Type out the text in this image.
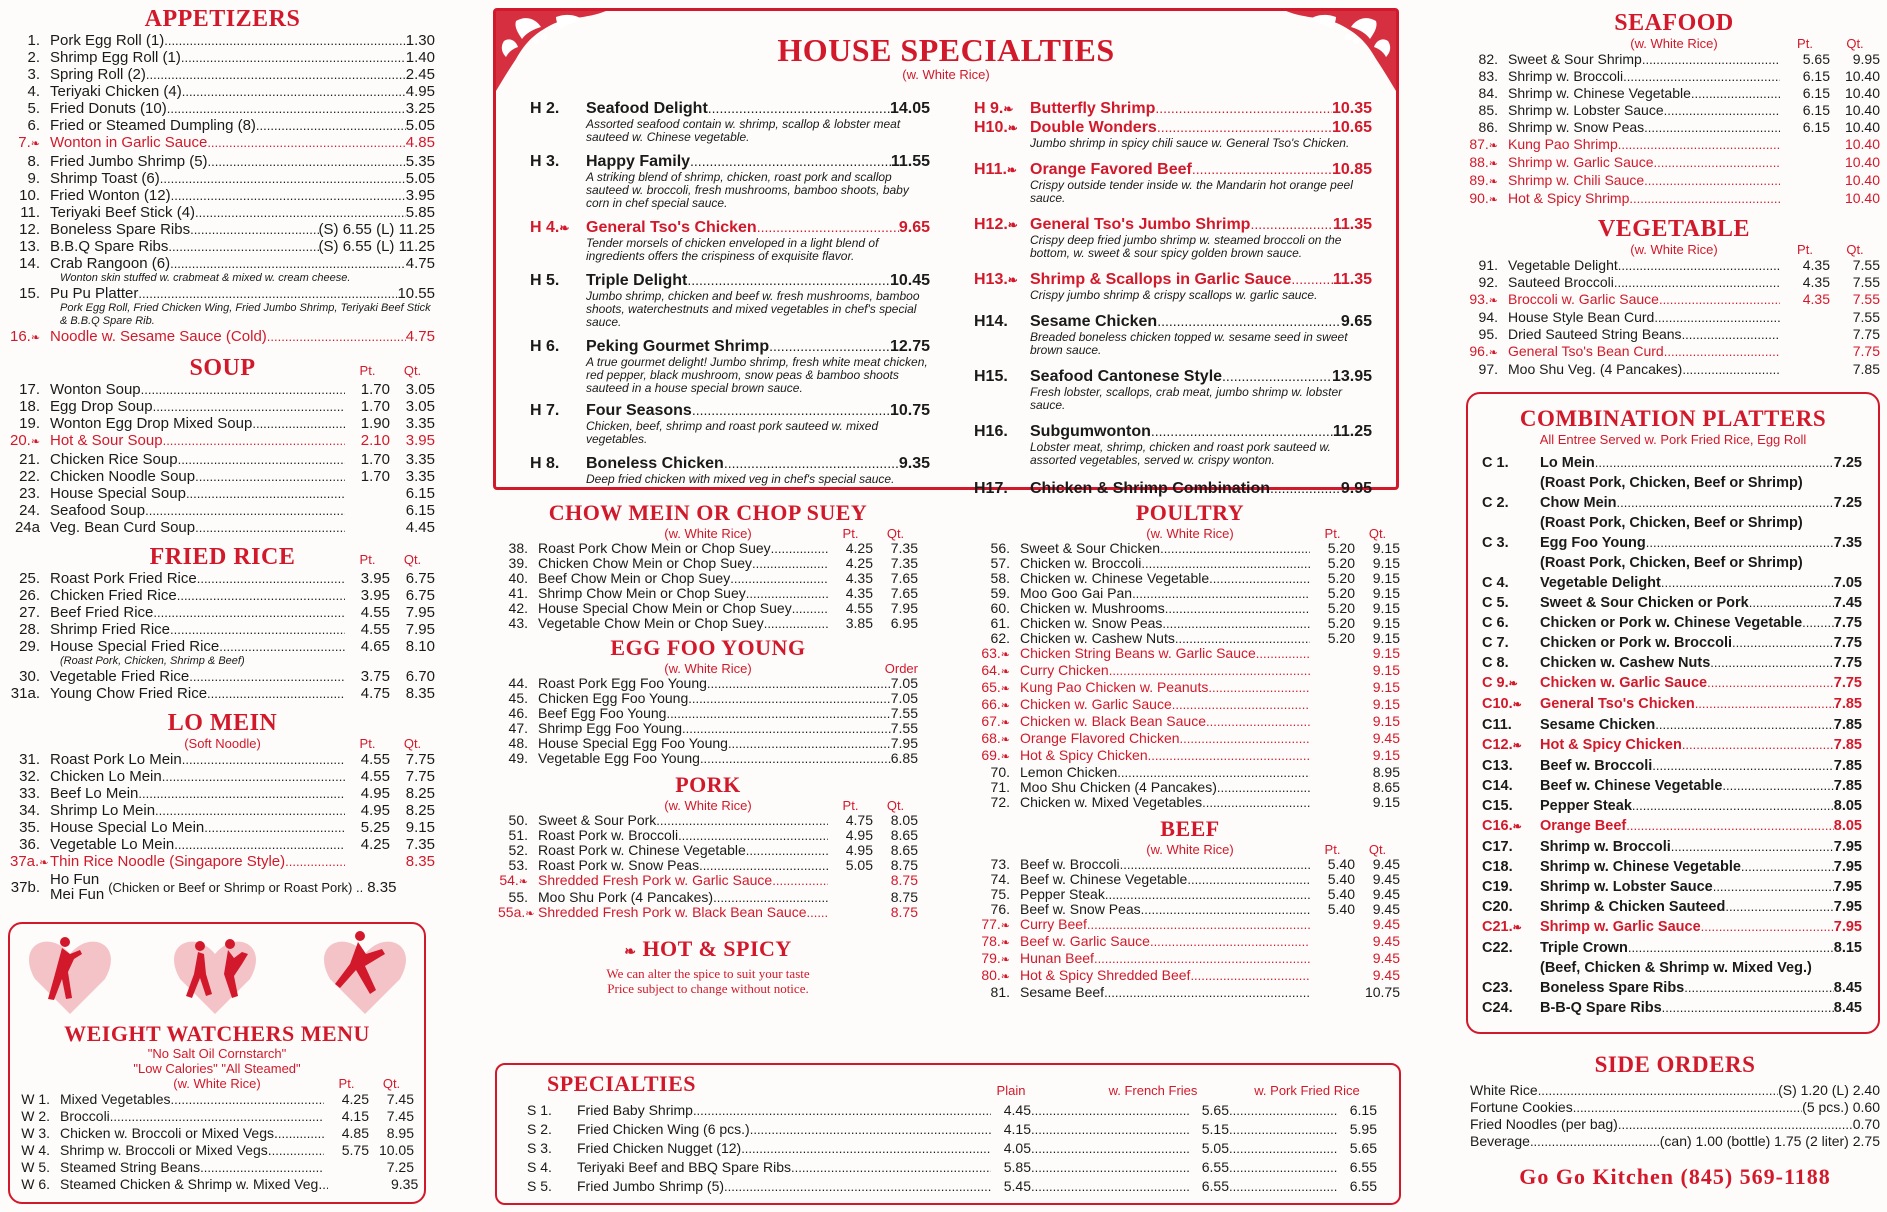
APPETIZERS
1. Pork Egg Roll (1) .....	1.30
2. Shrimp Egg Roll (1) .....	1.40
3. Spring Roll (2) .....	2.45
4. Teriyaki Chicken (4) .....	4.95
5. Fried Donuts (10) .....	3.25
6. Fried or Steamed Dumpling (8) .....	5.05
7.❧ Wonton in Garlic Sauce .....	4.85
8. Fried Jumbo Shrimp (5) .....	5.35
9. Shrimp Toast (6) .....	5.05
10. Fried Wonton (12) .....	3.95
11. Teriyaki Beef Stick (4) .....	5.85
12. Boneless Spare Ribs .....	(S) 6.55 (L) 11.25
13. B.B.Q Spare Ribs .....	(S) 6.55 (L) 11.25
14. Crab Rangoon (6) .....	4.75
Wonton skin stuffed w. crabmeat & mixed w. cream cheese.
15. Pu Pu Platter .....	10.55
Pork Egg Roll, Fried Chicken Wing, Fried Jumbo Shrimp, Teriyaki Beef Stick & B.B.Q Spare Rib.
16.❧ Noodle w. Sesame Sauce (Cold) .....	4.75
SOUP	Pt.	Qt.
17. Wonton Soup .....	1.70	3.05
18. Egg Drop Soup .....	1.70	3.05
19. Wonton Egg Drop Mixed Soup .....	1.90	3.35
20.❧ Hot & Sour Soup .....	2.10	3.95
21. Chicken Rice Soup .....	1.70	3.35
22. Chicken Noodle Soup .....	1.70	3.35
23. House Special Soup .....	6.15
24. Seafood Soup .....	6.15
24a Veg. Bean Curd Soup .....	4.45
FRIED RICE	Pt.	Qt.
25. Roast Pork Fried Rice .....	3.95	6.75
26. Chicken Fried Rice .....	3.95	6.75
27. Beef Fried Rice .....	4.55	7.95
28. Shrimp Fried Rice .....	4.55	7.95
29. House Special Fried Rice .....	4.65	8.10
(Roast Pork, Chicken, Shrimp & Beef)
30. Vegetable Fried Rice .....	3.75	6.70
31a. Young Chow Fried Rice .....	4.75	8.35
LO MEIN
(Soft Noodle)	Pt.	Qt.
31. Roast Pork Lo Mein .....	4.55	7.75
32. Chicken Lo Mein .....	4.55	7.75
33. Beef Lo Mein .....	4.95	8.25
34. Shrimp Lo Mein .....	4.95	8.25
35. House Special Lo Mein .....	5.25	9.15
36. Vegetable Lo Mein .....	4.25	7.35
37a.❧ Thin Rice Noodle (Singapore Style) .....	8.35
37b. Ho Fun
Mei Fun (Chicken or Beef or Shrimp or Roast Pork) .. 8.35
WEIGHT WATCHERS MENU
"No Salt Oil Cornstarch"
"Low Calories" "All Steamed"
(w. White Rice)	Pt.	Qt.
W 1. Mixed Vegetables .....	4.25	7.45
W 2. Broccoli .....	4.15	7.45
W 3. Chicken w. Broccoli or Mixed Vegs. .....	4.85	8.95
W 4. Shrimp w. Broccoli or Mixed Vegs. .....	5.75 10.05
W 5. Steamed String Beans .....	7.25
W 6. Steamed Chicken & Shrimp w. Mixed Veg. .....	9.35
HOUSE SPECIALTIES
(w. White Rice)
H 2.	Seafood Delight .....	14.05
Assorted seafood contain w. shrimp, scallop & lobster meat sauteed w. Chinese vegetable.
H 3.	Happy Family .....	11.55
A striking blend of shrimp, chicken, roast pork and scallop sauteed w. broccoli, fresh mushrooms, bamboo shoots, baby corn in chef special sauce.
H 4.❧	General Tso's Chicken .....	9.65
Tender morsels of chicken enveloped in a light blend of ingredients offers the crispiness of exquisite flavor.
H 5.	Triple Delight .....	10.45
Jumbo shrimp, chicken and beef w. fresh mushrooms, bamboo shoots, waterchestnuts and mixed vegetables in chef's special sauce.
H 6.	Peking Gourmet Shrimp .....	12.75
A true gourmet delight! Jumbo shrimp, fresh white meat chicken, red pepper, black mushroom, snow peas & bamboo shoots sauteed in a house special brown sauce.
H 7.	Four Seasons .....	10.75
Chicken, beef, shrimp and roast pork sauteed w. mixed vegetables.
H 8.	Boneless Chicken .....	9.35
Deep fried chicken with mixed veg in chef's special sauce.
H 9.❧	Butterfly Shrimp .....	10.35
H10.❧ Double Wonders .....	10.65
Jumbo shrimp in spicy chili sauce w. General Tso's Chicken.
H11.❧ Orange Favored Beef .....	10.85
Crispy outside tender inside w. the Mandarin hot orange peel sauce.
H12.❧ General Tso's Jumbo Shrimp .....	11.35
Crispy deep fried jumbo shrimp w. steamed broccoli on the bottom, w. sweet & sour spicy golden brown sauce.
H13.❧ Shrimp & Scallops in Garlic Sauce .....	11.35
Crispy jumbo shrimp & crispy scallops w. garlic sauce.
H14.	Sesame Chicken .....	9.65
Breaded boneless chicken topped w. sesame seed in sweet brown sauce.
H15.	Seafood Cantonese Style .....	13.95
Fresh lobster, scallops, crab meat, jumbo shrimp w. lobster sauce.
H16.	Subgumwonton .....	11.25
Lobster meat, shrimp, chicken and roast pork sauteed w. assorted vegetables, served w. crispy wonton.
H17.	Chicken & Shrimp Combination .....	9.95
CHOW MEIN OR CHOP SUEY
(w. White Rice)	Pt.	Qt.
38. Roast Pork Chow Mein or Chop Suey .....	4.25	7.35
39. Chicken Chow Mein or Chop Suey .....	4.25	7.35
40. Beef Chow Mein or Chop Suey .....	4.35	7.65
41. Shrimp Chow Mein or Chop Suey .....	4.35	7.65
42. House Special Chow Mein or Chop Suey .....	4.55	7.95
43. Vegetable Chow Mein or Chop Suey .....	3.85	6.95
EGG FOO YOUNG
(w. White Rice)	Order
44. Roast Pork Egg Foo Young .....	7.05
45. Chicken Egg Foo Young .....	7.05
46. Beef Egg Foo Young .....	7.55
47. Shrimp Egg Foo Young .....	7.55
48. House Special Egg Foo Young .....	7.95
49. Vegetable Egg Foo Young .....	6.85
PORK
(w. White Rice)	Pt.	Qt.
50. Sweet & Sour Pork .....	4.75	8.05
51. Roast Pork w. Broccoli .....	4.95	8.65
52. Roast Pork w. Chinese Vegetable .....	4.95	8.65
53. Roast Pork w. Snow Peas .....	5.05	8.75
54.❧ Shredded Fresh Pork w. Garlic Sauce .....	8.75
55. Moo Shu Pork (4 Pancakes) .....	8.75
55a.❧ Shredded Fresh Pork w. Black Bean Sauce .....	8.75
❧ HOT & SPICY
We can alter the spice to suit your taste
Price subject to change without notice.
POULTRY
(w. White Rice)	Pt.	Qt.
56. Sweet & Sour Chicken .....	5.20	9.15
57. Chicken w. Broccoli .....	5.20	9.15
58. Chicken w. Chinese Vegetable .....	5.20	9.15
59. Moo Goo Gai Pan .....	5.20	9.15
60. Chicken w. Mushrooms .....	5.20	9.15
61. Chicken w. Snow Peas .....	5.20	9.15
62. Chicken w. Cashew Nuts .....	5.20	9.15
63.❧ Chicken String Beans w. Garlic Sauce .....	9.15
64.❧ Curry Chicken .....	9.15
65.❧ Kung Pao Chicken w. Peanuts .....	9.15
66.❧ Chicken w. Garlic Sauce .....	9.15
67.❧ Chicken w. Black Bean Sauce .....	9.15
68.❧ Orange Flavored Chicken .....	9.45
69.❧ Hot & Spicy Chicken .....	9.15
70. Lemon Chicken .....	8.95
71. Moo Shu Chicken (4 Pancakes) .....	8.65
72. Chicken w. Mixed Vegetables .....	9.15
BEEF
(w. White Rice)	Pt.	Qt.
73. Beef w. Broccoli .....	5.40	9.45
74. Beef w. Chinese Vegetable .....	5.40	9.45
75. Pepper Steak .....	5.40	9.45
76. Beef w. Snow Peas .....	5.40	9.45
77.❧ Curry Beef .....	9.45
78.❧ Beef w. Garlic Sauce .....	9.45
79.❧ Hunan Beef .....	9.45
80.❧ Hot & Spicy Shredded Beef .....	9.45
81. Sesame Beef .....	10.75
SPECIALTIES	Plain	w. French Fries	w. Pork Fried Rice
S 1.	Fried Baby Shrimp .....	4.45 .....	5.65 .....	6.15
S 2.	Fried Chicken Wing (6 pcs.) .....	4.15 .....	5.15 .....	5.95
S 3.	Fried Chicken Nugget (12) .....	4.05 .....	5.05 .....	5.65
S 4.	Teriyaki Beef and BBQ Spare Ribs .....	5.85 .....	6.55 .....	6.55
S 5.	Fried Jumbo Shrimp (5) .....	5.45 .....	6.55 .....	6.55
SEAFOOD
(w. White Rice)	Pt.	Qt.
82. Sweet & Sour Shrimp .....	5.65	9.95
83. Shrimp w. Broccoli .....	6.15	10.40
84. Shrimp w. Chinese Vegetable .....	6.15	10.40
85. Shrimp w. Lobster Sauce .....	6.15	10.40
86. Shrimp w. Snow Peas .....	6.15	10.40
87.❧ Kung Pao Shrimp .....	10.40
88.❧ Shrimp w. Garlic Sauce .....	10.40
89.❧ Shrimp w. Chili Sauce .....	10.40
90.❧ Hot & Spicy Shrimp .....	10.40
VEGETABLE
(w. White Rice)	Pt.	Qt.
91. Vegetable Delight .....	4.35	7.55
92. Sauteed Broccoli .....	4.35	7.55
93.❧ Broccoli w. Garlic Sauce .....	4.35	7.55
94. House Style Bean Curd .....	7.55
95. Dried Sauteed String Beans .....	7.75
96.❧ General Tso's Bean Curd .....	7.75
97. Moo Shu Veg. (4 Pancakes) .....	7.85
COMBINATION PLATTERS
All Entree Served w. Pork Fried Rice, Egg Roll
C 1.	Lo Mein .....	7.25
(Roast Pork, Chicken, Beef or Shrimp)
C 2.	Chow Mein .....	7.25
(Roast Pork, Chicken, Beef or Shrimp)
C 3.	Egg Foo Young .....	7.35
(Roast Pork, Chicken, Beef or Shrimp)
C 4.	Vegetable Delight .....	7.05
C 5.	Sweet & Sour Chicken or Pork .....	7.45
C 6.	Chicken or Pork w. Chinese Vegetable ..... 7.75
C 7.	Chicken or Pork w. Broccoli .....	7.75
C 8.	Chicken w. Cashew Nuts .....	7.75
C 9.❧	Chicken w. Garlic Sauce .....	7.75
C10.❧	General Tso's Chicken .....	7.85
C11.	Sesame Chicken .....	7.85
C12.❧	Hot & Spicy Chicken .....	7.85
C13.	Beef w. Broccoli .....	7.85
C14.	Beef w. Chinese Vegetable .....	7.85
C15.	Pepper Steak .....	8.05
C16.❧	Orange Beef .....	8.05
C17.	Shrimp w. Broccoli .....	7.95
C18.	Shrimp w. Chinese Vegetable .....	7.95
C19.	Shrimp w. Lobster Sauce .....	7.95
C20.	Shrimp & Chicken Sauteed .....	7.95
C21.❧	Shrimp w. Garlic Sauce .....	7.95
C22.	Triple Crown .....	8.15
(Beef, Chicken & Shrimp w. Mixed Veg.)
C23.	Boneless Spare Ribs .....	8.45
C24.	B-B-Q Spare Ribs .....	8.45
SIDE ORDERS
White Rice .....	(S) 1.20 (L) 2.40
Fortune Cookies .....	(5 pcs.) 0.60
Fried Noodles (per bag) .....	0.70
Beverage .....	(can) 1.00 (bottle) 1.75 (2 liter) 2.75
Go Go Kitchen (845) 569-1188
